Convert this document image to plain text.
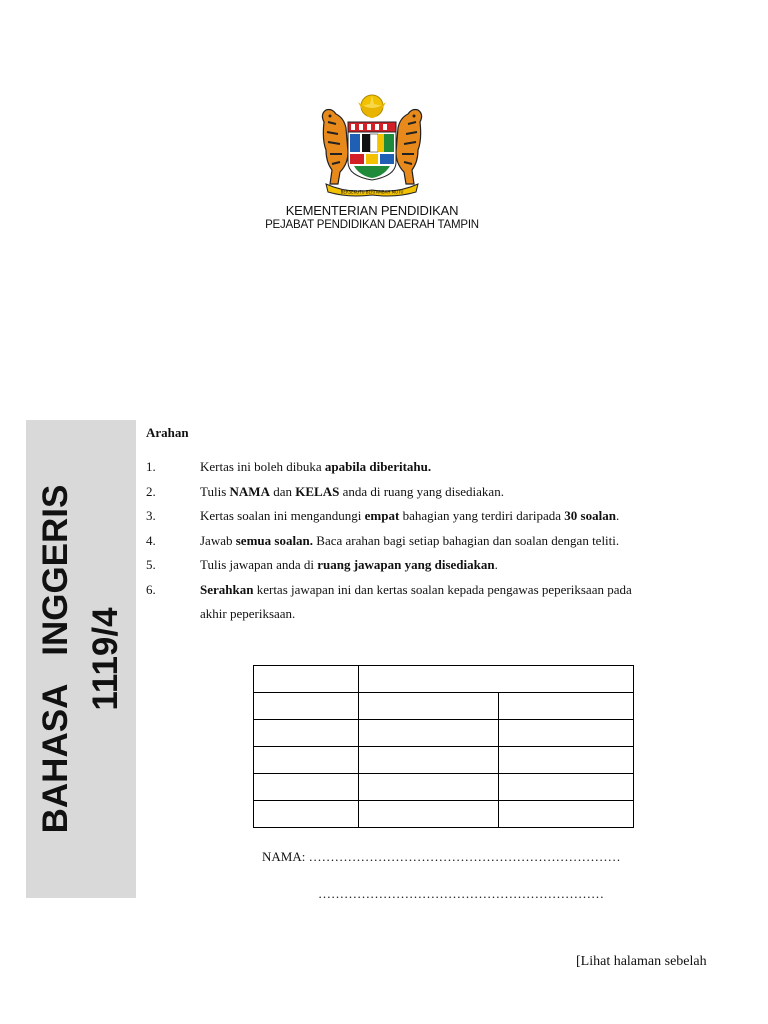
BERSEKUTU BERTAMBAH MUTU
KEMENTERIAN PENDIDIKAN
PEJABAT PENDIDIKAN DAERAH TAMPIN
BAHASA   INGGERIS 1119/4
Arahan
1.	Kertas ini boleh dibuka apabila diberitahu.
2.	Tulis NAMA dan KELAS anda di ruang yang disediakan.
3.	Kertas soalan ini mengandungi empat bahagian yang terdiri daripada 30 soalan.
4.	Jawab semua soalan. Baca arahan bagi setiap bahagian dan soalan dengan teliti.
5.	Tulis jawapan anda di ruang jawapan yang disediakan.
6.	Serahkan kertas jawapan ini dan kertas soalan kepada pengawas peperiksaan pada
akhir peperiksaan.

NAMA: ………………………………………………………………
…………………………………………………………
[Lihat halaman sebelah
